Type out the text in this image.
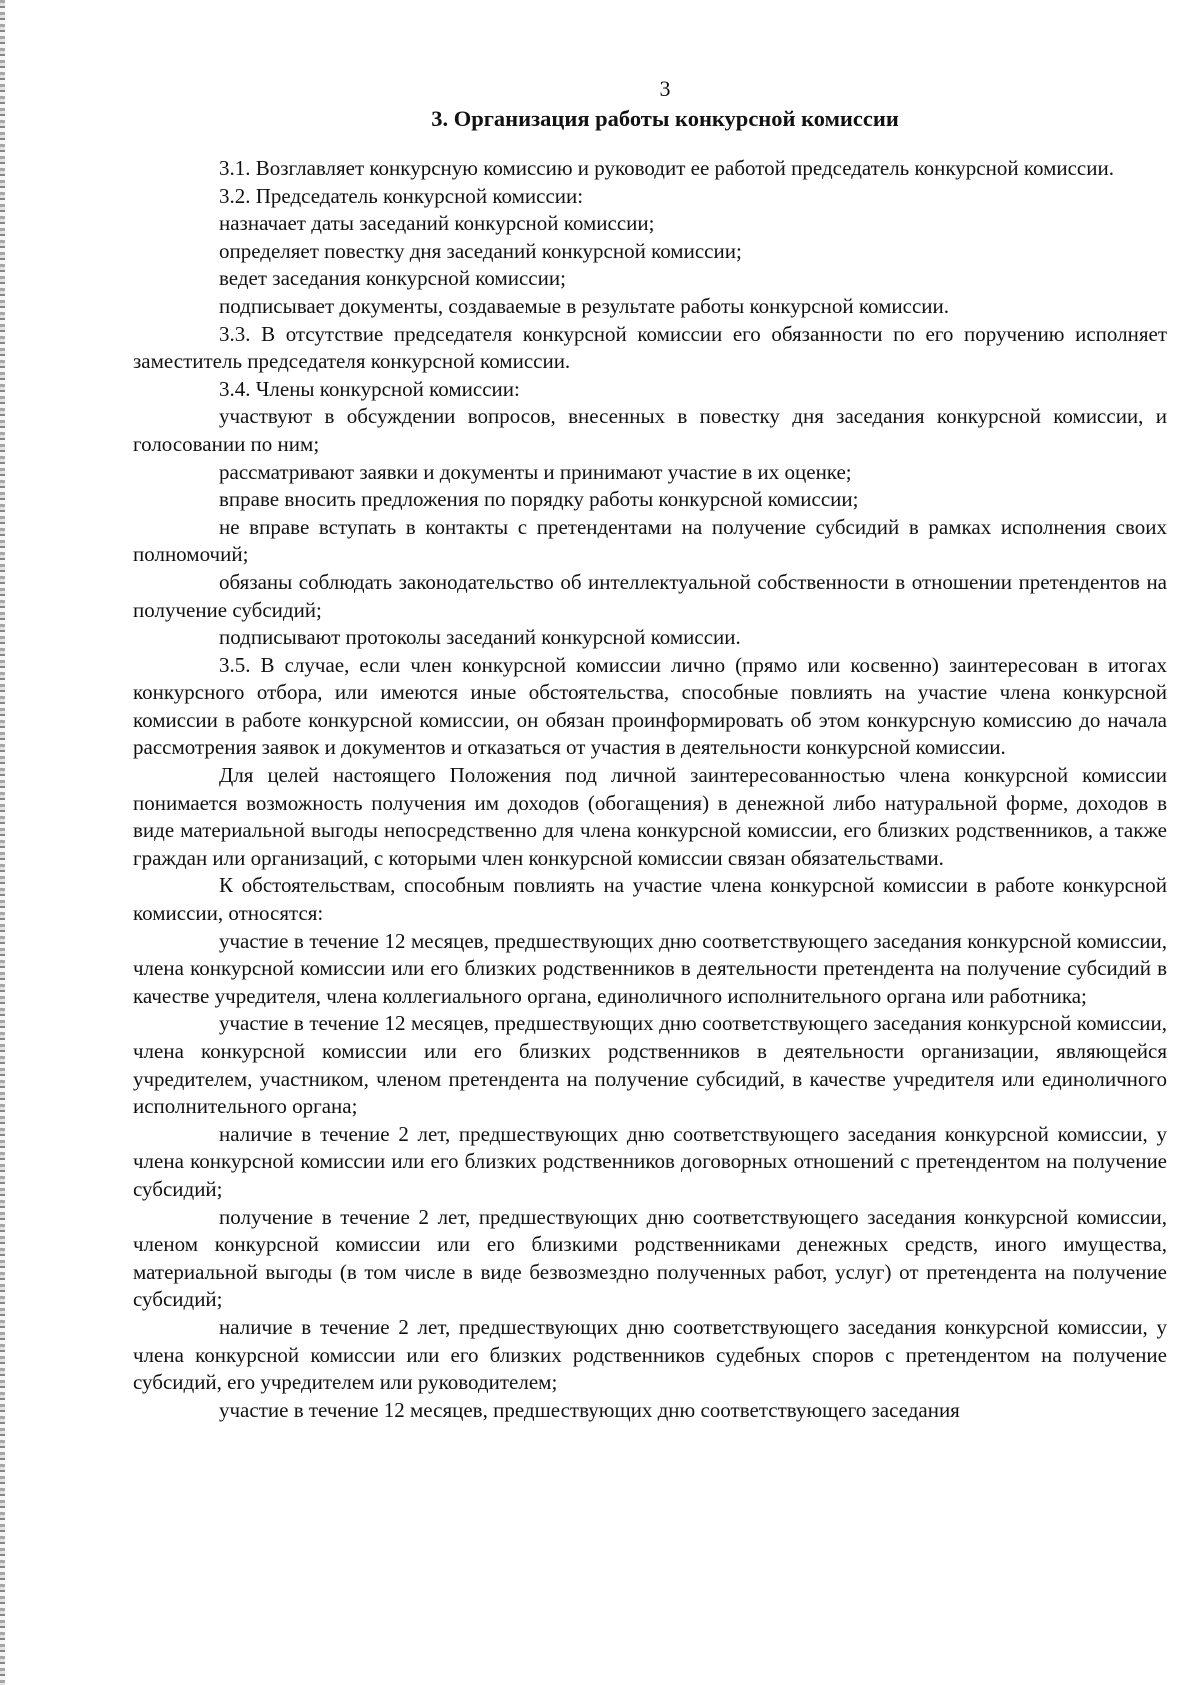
3
3. Организация работы конкурсной комиссии

3.1. Возглавляет конкурсную комиссию и руководит ее работой председатель конкурсной комиссии.

3.2. Председатель конкурсной комиссии:

назначает даты заседаний конкурсной комиссии;

определяет повестку дня заседаний конкурсной комиссии;

ведет заседания конкурсной комиссии;

подписывает документы, создаваемые в результате работы конкурсной комиссии.

3.3. В отсутствие председателя конкурсной комиссии его обязанности по его поручению исполняет заместитель председателя конкурсной комиссии.

3.4. Члены конкурсной комиссии:

участвуют в обсуждении вопросов, внесенных в повестку дня заседания конкурсной комиссии, и голосовании по ним;

рассматривают заявки и документы и принимают участие в их оценке;

вправе вносить предложения по порядку работы конкурсной комиссии;

не вправе вступать в контакты с претендентами на получение субсидий в рамках исполнения своих полномочий;

обязаны соблюдать законодательство об интеллектуальной собственности в отношении претендентов на получение субсидий;

подписывают протоколы заседаний конкурсной комиссии.

3.5. В случае, если член конкурсной комиссии лично (прямо или косвенно) заинтересован в итогах конкурсного отбора, или имеются иные обстоятельства, способные повлиять на участие члена конкурсной комиссии в работе конкурсной комиссии, он обязан проинформировать об этом конкурсную комиссию до начала рассмотрения заявок и документов и отказаться от участия в деятельности конкурсной комиссии.

Для целей настоящего Положения под личной заинтересованностью члена конкурсной комиссии понимается возможность получения им доходов (обогащения) в денежной либо натуральной форме, доходов в виде материальной выгоды непосредственно для члена конкурсной комиссии, его близких родственников, а также граждан или организаций, с которыми член конкурсной комиссии связан обязательствами.

К обстоятельствам, способным повлиять на участие члена конкурсной комиссии в работе конкурсной комиссии, относятся:

участие в течение 12 месяцев, предшествующих дню соответствующего заседания конкурсной комиссии, члена конкурсной комиссии или его близких родственников в деятельности претендента на получение субсидий в качестве учредителя, члена коллегиального органа, единоличного исполнительного органа или работника;

участие в течение 12 месяцев, предшествующих дню соответствующего заседания конкурсной комиссии, члена конкурсной комиссии или его близких родственников в деятельности организации, являющейся учредителем, участником, членом претендента на получение субсидий, в качестве учредителя или единоличного исполнительного органа;

наличие в течение 2 лет, предшествующих дню соответствующего заседания конкурсной комиссии, у члена конкурсной комиссии или его близких родственников договорных отношений с претендентом на получение субсидий;

получение в течение 2 лет, предшествующих дню соответствующего заседания конкурсной комиссии, членом конкурсной комиссии или его близкими родственниками денежных средств, иного имущества, материальной выгоды (в том числе в виде безвозмездно полученных работ, услуг) от претендента на получение субсидий;

наличие в течение 2 лет, предшествующих дню соответствующего заседания конкурсной комиссии, у члена конкурсной комиссии или его близких родственников судебных споров с претендентом на получение субсидий, его учредителем или руководителем;

участие в течение 12 месяцев, предшествующих дню соответствующего заседания
